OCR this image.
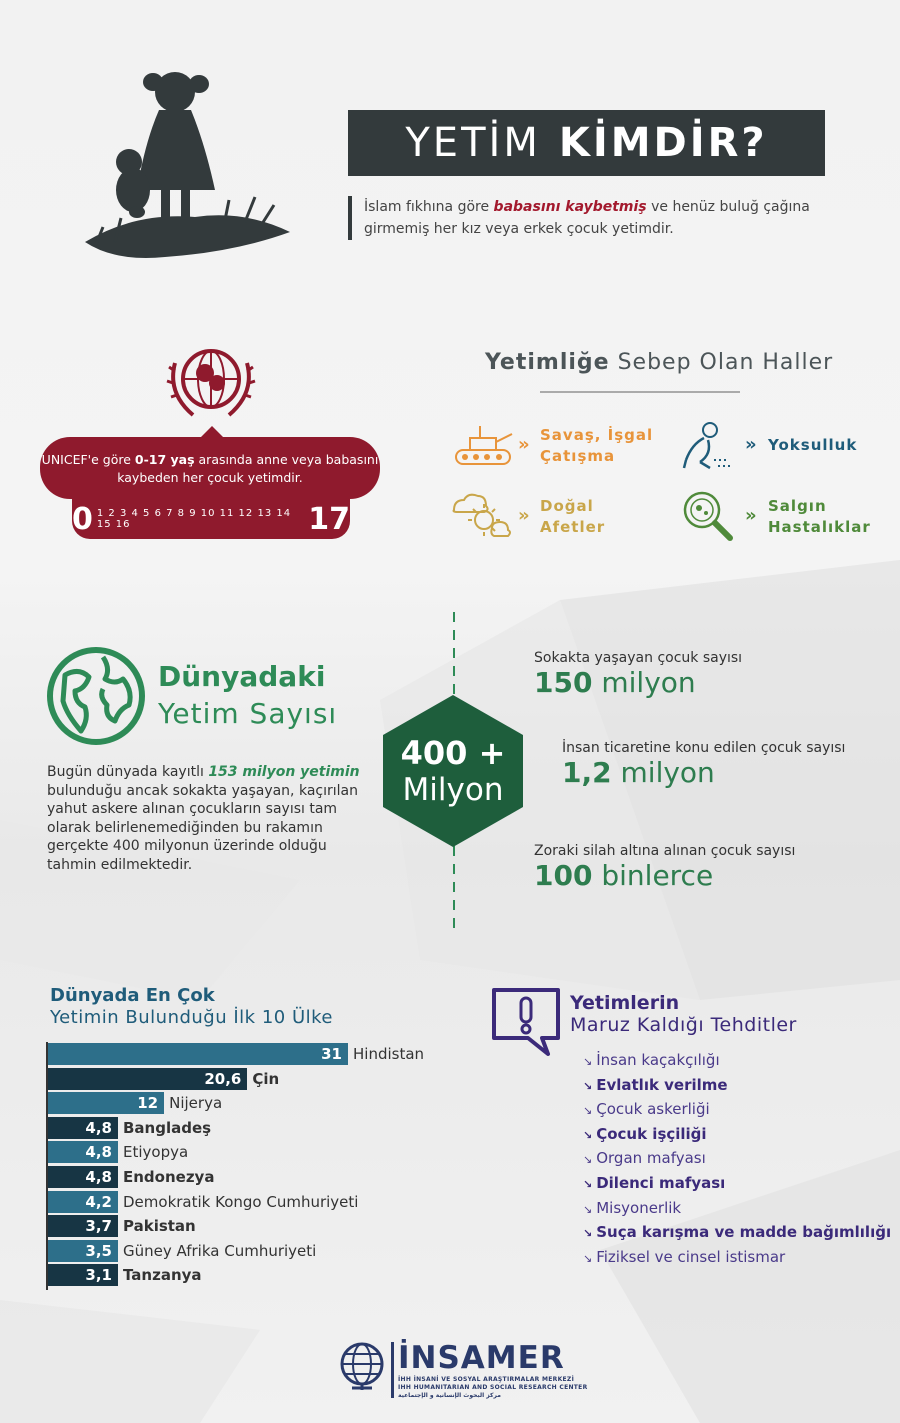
YETİM KİMDİR?
İslam fıkhına göre babasını kaybetmiş ve henüz buluğ çağına girmemiş her kız veya erkek çocuk yetimdir.
UNICEF'e göre 0-17 yaş arasında anne veya babasını kaybeden her çocuk yetimdir.
0 1 2 3 4 5 6 7 8 9 10 11 12 13 14 15 16	17
Yetimliğe Sebep Olan Haller
» Savaş, İşgal
Çatışma
» Yoksulluk
» Doğal
Afetler
» Salgın
Hastalıklar
Dünyadaki
Yetim Sayısı
Bugün dünyada kayıtlı 153 milyon yetimin bulunduğu ancak sokakta yaşayan, kaçırılan yahut askere alınan çocukların sayısı tam olarak belirlenemediğinden bu rakamın gerçekte 400 milyonun üzerinde olduğu tahmin edilmektedir.
400 +
Milyon
Sokakta yaşayan çocuk sayısı
150 milyon
İnsan ticaretine konu edilen çocuk sayısı
1,2 milyon
Zoraki silah altına alınan çocuk sayısı
100 binlerce
Dünyada En Çok
Yetimin Bulunduğu İlk 10 Ülke
31 Hindistan
20,6 Çin
12 Nijerya
4,8 Bangladeş
4,8 Etiyopya
4,8 Endonezya
4,2 Demokratik Kongo Cumhuriyeti
3,7 Pakistan
3,5 Güney Afrika Cumhuriyeti
3,1 Tanzanya
Yetimlerin
Maruz Kaldığı Tehditler
↘ İnsan kaçakçılığı
↘ Evlatlık verilme
↘ Çocuk askerliği
↘ Çocuk işçiliği
↘ Organ mafyası
↘ Dilenci mafyası
↘ Misyonerlik
↘ Suça karışma ve madde bağımlılığı
↘ Fiziksel ve cinsel istismar
İNSAMER
İHH İNSANİ VE SOSYAL ARAŞTIRMALAR MERKEZİ
IHH HUMANITARIAN AND SOCIAL RESEARCH CENTER
مركز البحوث الإنسانية و الإجتماعية
